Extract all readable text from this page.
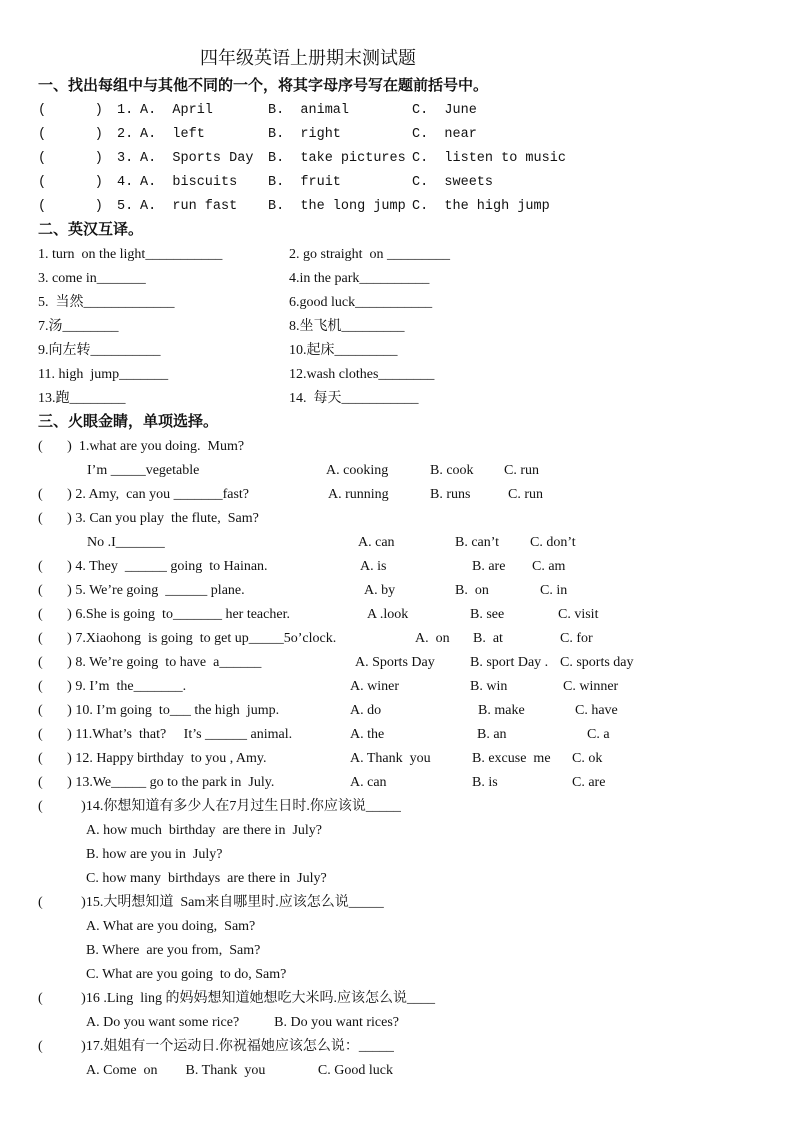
四年级英语上册期末测试题
一、找出每组中与其他不同的一个，将其字母序号写在题前括号中。
(      ) 1. A.  April	B.  animal	C.  June
(      ) 2. A.  left	B.  right	C.  near
(      ) 3. A.  Sports Day B.  take pictures C.  listen to music
(      ) 4. A.  biscuits B.  fruit	C.  sweets
(      ) 5. A.  run fast B.  the long jump C.  the high jump
二、英汉互译。
1. turn  on the light___________	2. go straight  on _________
3. come in_______	4.in the park__________
5.  当然_____________	6.good luck___________
7.汤________	8.坐飞机_________
9.向左转__________	10.起床_________
11. high  jump_______	12.wash clothes________
13.跑________	14.  每天___________
三、火眼金睛，单项选择。
(       )  1.what are you doing.  Mum?
I’m _____vegetable	A. cooking	B. cook C. run
(       ) 2. Amy,  can you _______fast?	A. running	B. runs	C. run
(       ) 3. Can you play  the flute,  Sam?
No .I_______	A. can	B. can’t C. don’t
(       ) 4. They  ______ going  to Hainan.	A. is	B. are C. am
(       ) 5. We’re going  ______ plane.	A. by	B.  on	C. in
(       ) 6.She is going  to_______ her teacher.	A .look	B. see	C. visit
(       ) 7.Xiaohong  is going  to get up_____5o’clock.	A.  on B.  at	C. for
(       ) 8. We’re going  to have  a______	A. Sports Day	B. sport Day . C. sports day
(       ) 9. I’m  the_______.	A. winer	B. win	C. winner
(       ) 10. I’m going  to___ the high  jump.	A. do	B. make	C. have
(       ) 11.What’s  that?     It’s ______ animal.	A. the	B. an	C. a
(       ) 12. Happy birthday  to you , Amy.	A. Thank  you	B. excuse  me C. ok
(       ) 13.We_____ go to the park in  July.	A. can	B. is	C. are
(           )14.你想知道有多少人在7月过生日时.你应该说_____
A. how much  birthday  are there in  July?
B. how are you in  July?
C. how many  birthdays  are there in  July?
(           )15.大明想知道  Sam来自哪里时.应该怎么说_____
A. What are you doing,  Sam?
B. Where  are you from,  Sam?
C. What are you going  to do, Sam?
(           )16 .Ling  ling 的妈妈想知道她想吃大米吗.应该怎么说____
A. Do you want some rice?          B. Do you want rices?
(           )17.姐姐有一个运动日.你祝福她应该怎么说：_____
A. Come  on        B. Thank  you               C. Good luck
